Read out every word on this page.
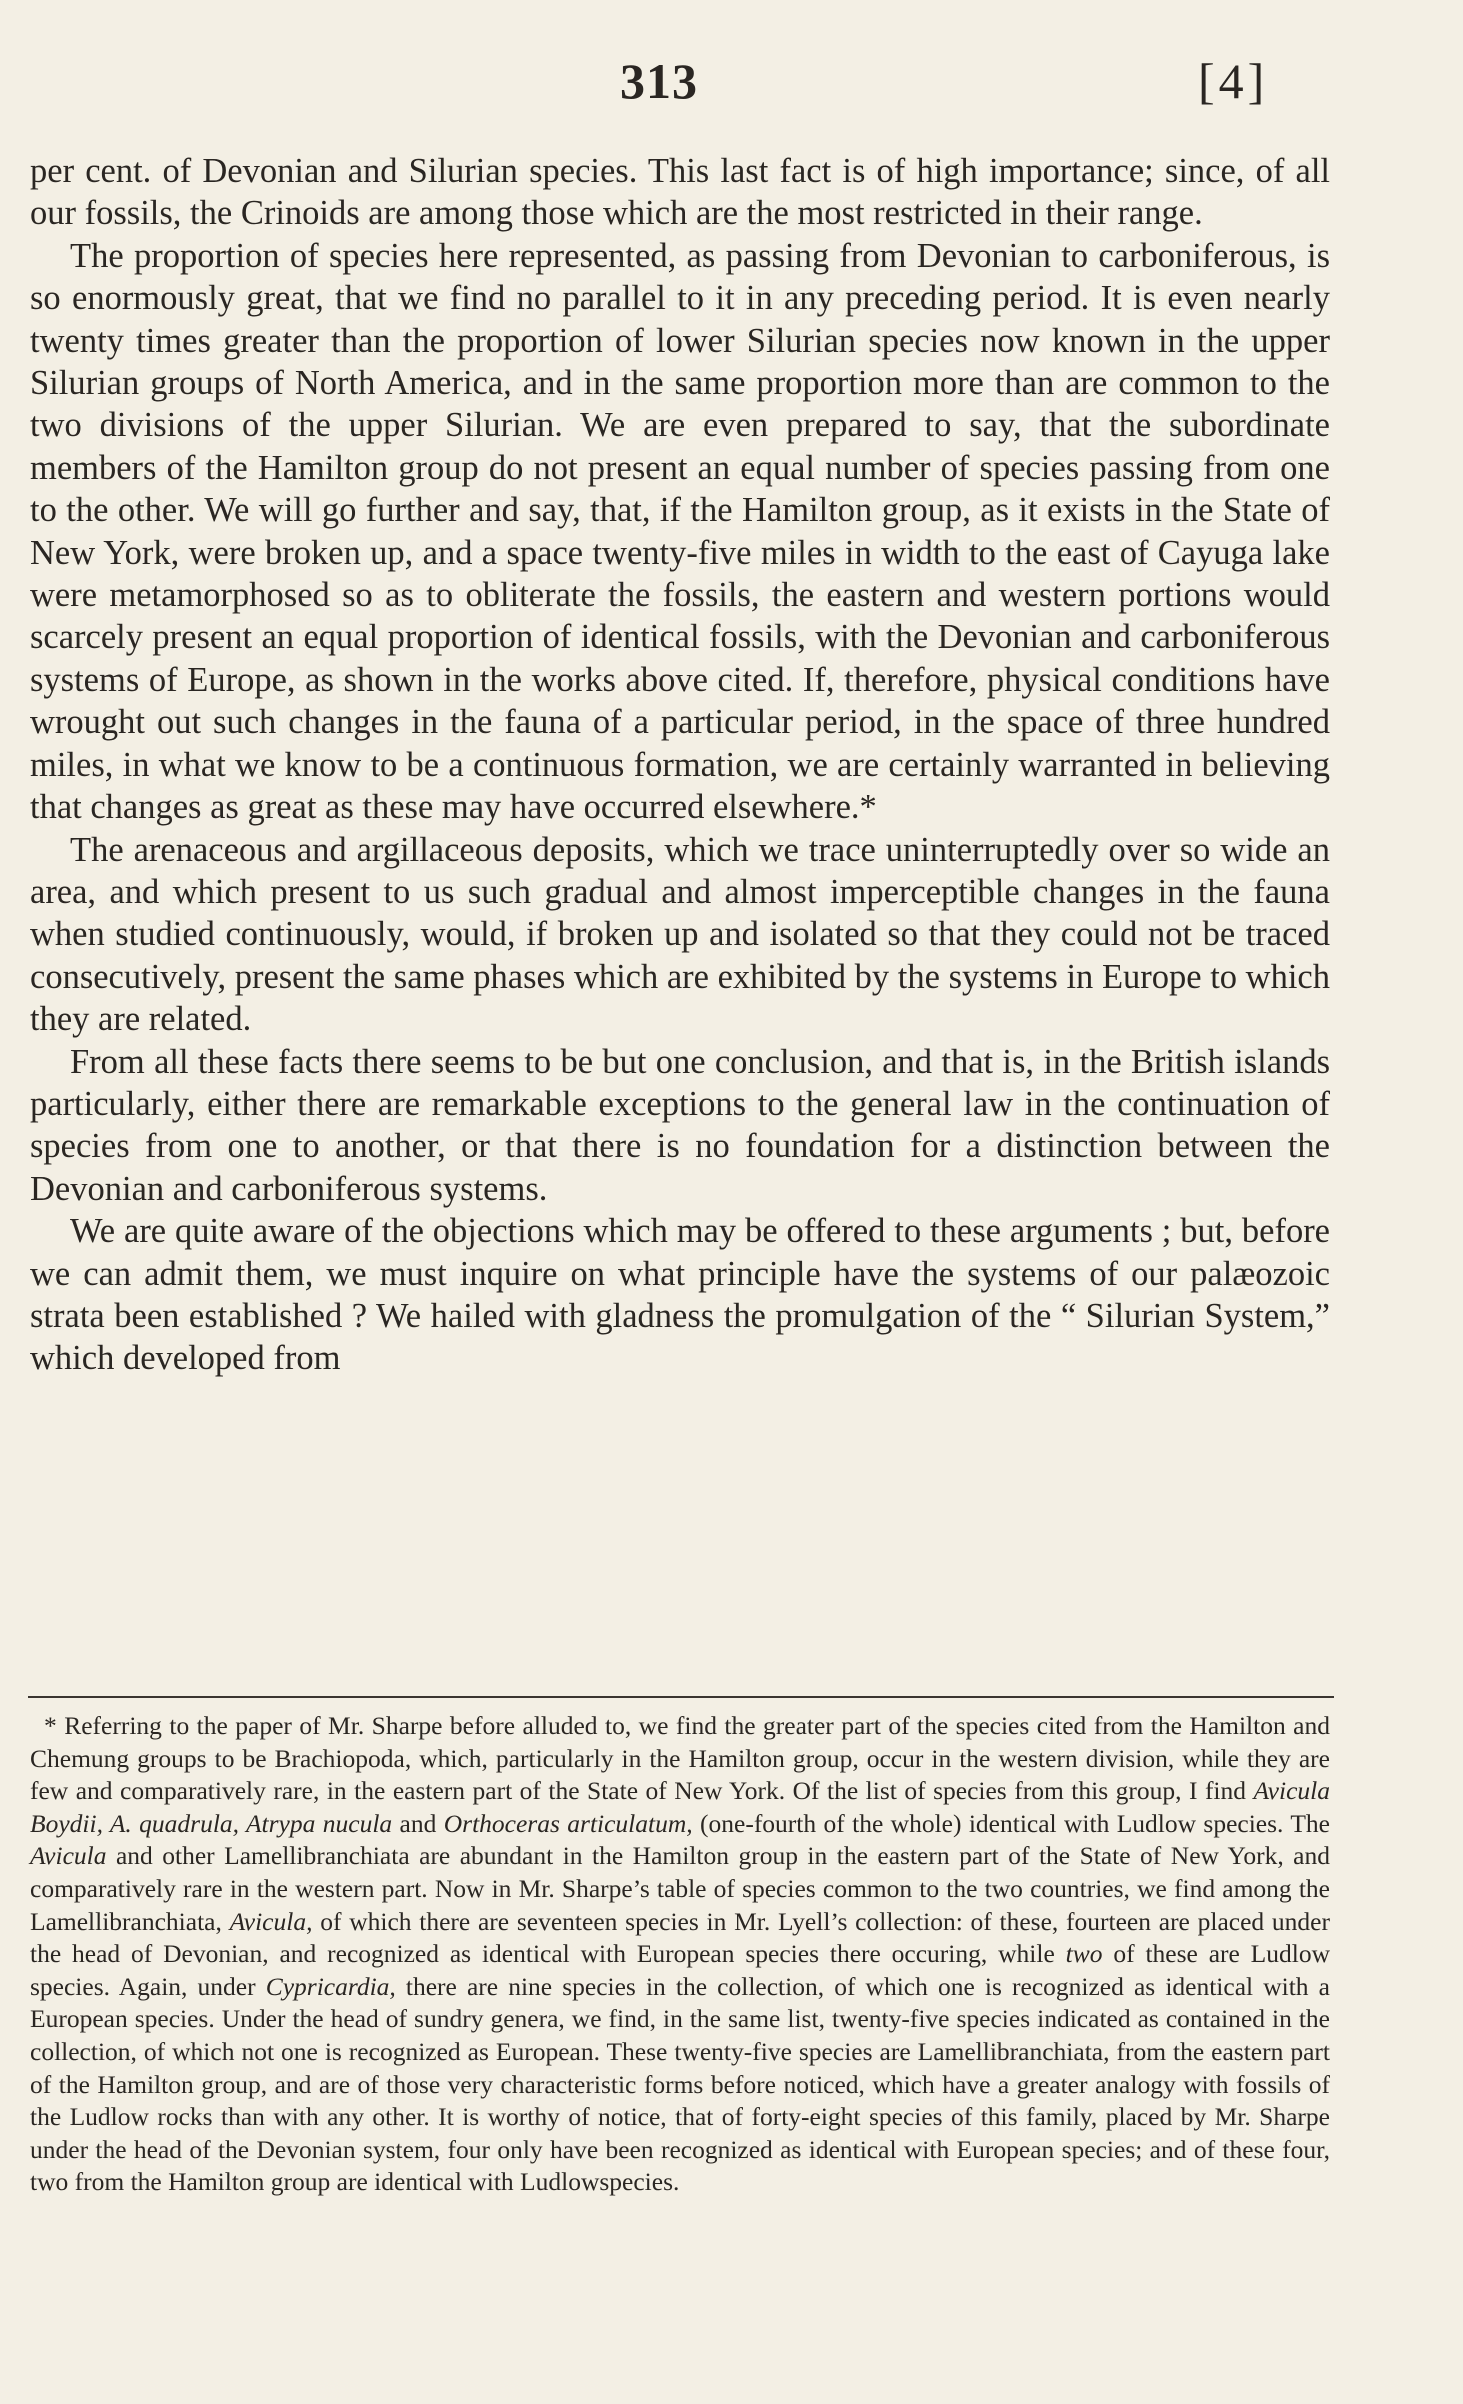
313	[4]

per cent. of Devonian and Silurian species. This last fact is of high importance; since, of all our fossils, the Crinoids are among those which are the most restricted in their range.

The proportion of species here represented, as passing from Devonian to carboniferous, is so enormously great, that we find no parallel to it in any preceding period. It is even nearly twenty times greater than the proportion of lower Silurian species now known in the upper Silurian groups of North America, and in the same proportion more than are common to the two divisions of the upper Silurian. We are even prepared to say, that the subordinate members of the Hamilton group do not present an equal number of species passing from one to the other. We will go further and say, that, if the Hamilton group, as it exists in the State of New York, were broken up, and a space twenty-five miles in width to the east of Cayuga lake were metamorphosed so as to obliterate the fossils, the eastern and western portions would scarcely present an equal proportion of identical fossils, with the Devonian and carboniferous systems of Europe, as shown in the works above cited. If, therefore, physical conditions have wrought out such changes in the fauna of a particular period, in the space of three hundred miles, in what we know to be a continuous formation, we are certainly warranted in believing that changes as great as these may have occurred elsewhere.*

The arenaceous and argillaceous deposits, which we trace uninterruptedly over so wide an area, and which present to us such gradual and almost imperceptible changes in the fauna when studied continuously, would, if broken up and isolated so that they could not be traced consecutively, present the same phases which are exhibited by the systems in Europe to which they are related.

From all these facts there seems to be but one conclusion, and that is, in the British islands particularly, either there are remarkable exceptions to the general law in the continuation of species from one to another, or that there is no foundation for a distinction between the Devonian and carboniferous systems.

We are quite aware of the objections which may be offered to these arguments ; but, before we can admit them, we must inquire on what principle have the systems of our palæozoic strata been established ? We hailed with gladness the promulgation of the “ Silurian System,” which developed from

* Referring to the paper of Mr. Sharpe before alluded to, we find the greater part of the species cited from the Hamilton and Chemung groups to be Brachiopoda, which, particularly in the Hamilton group, occur in the western division, while they are few and comparatively rare, in the eastern part of the State of New York. Of the list of species from this group, I find Avicula Boydii, A. quadrula, Atrypa nucula and Orthoceras articulatum, (one-fourth of the whole) identical with Ludlow species. The Avicula and other Lamellibranchiata are abundant in the Hamilton group in the eastern part of the State of New York, and comparatively rare in the western part. Now in Mr. Sharpe’s table of species common to the two countries, we find among the Lamellibranchiata, Avicula, of which there are seventeen species in Mr. Lyell’s collection: of these, fourteen are placed under the head of Devonian, and recognized as identical with European species there occuring, while two of these are Ludlow species. Again, under Cypricardia, there are nine species in the collection, of which one is recognized as identical with a European species. Under the head of sundry genera, we find, in the same list, twenty-five species indicated as contained in the collection, of which not one is recognized as European. These twenty-five species are Lamellibranchiata, from the eastern part of the Hamilton group, and are of those very characteristic forms before noticed, which have a greater analogy with fossils of the Ludlow rocks than with any other. It is worthy of notice, that of forty-eight species of this family, placed by Mr. Sharpe under the head of the Devonian system, four only have been recognized as identical with European species; and of these four, two from the Hamilton group are identical with Ludlowspecies.
